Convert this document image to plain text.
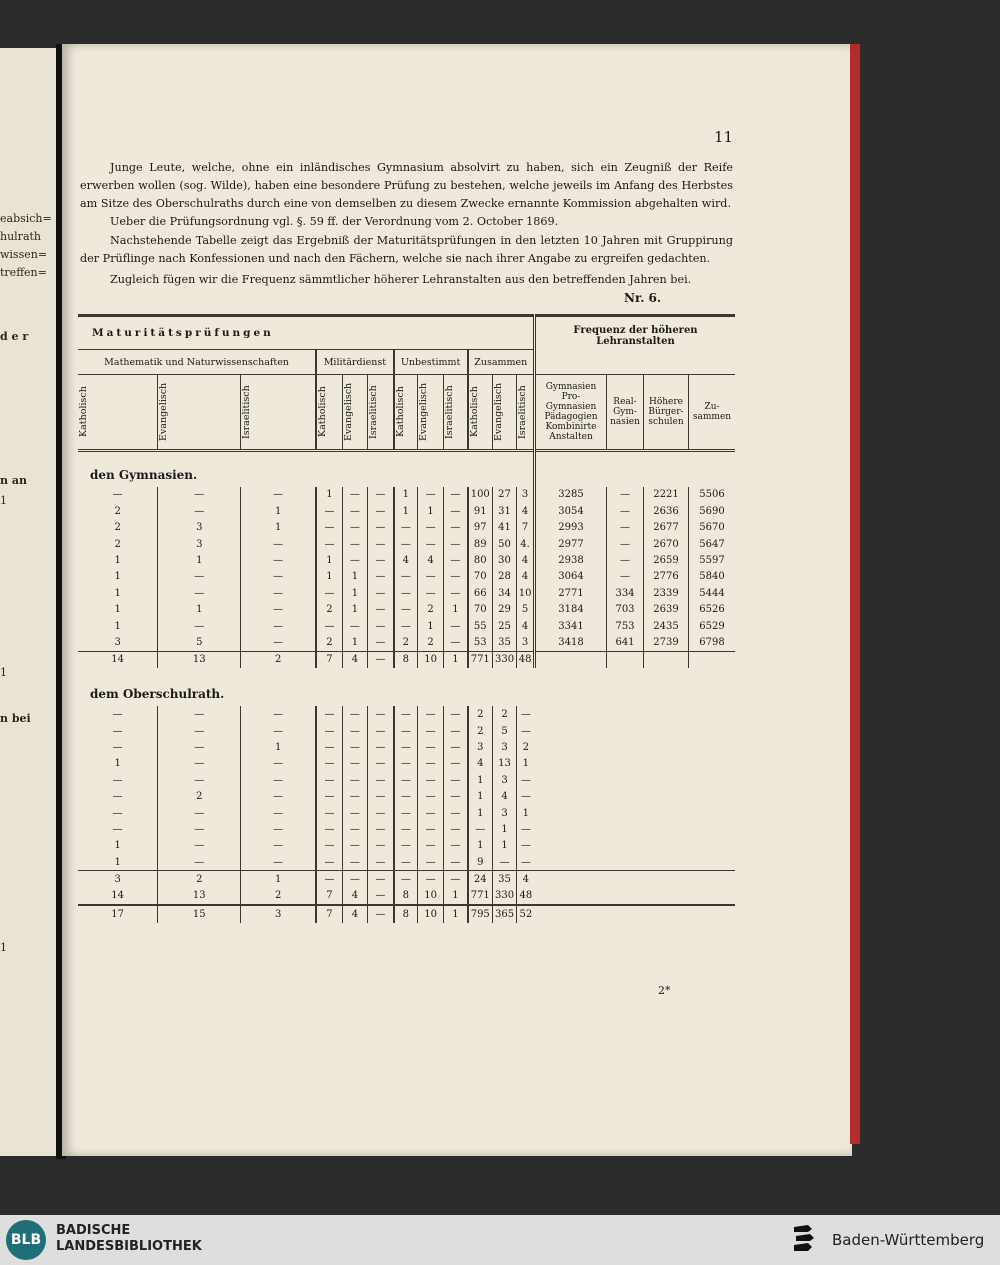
eabsich=
hulrath
wissen=
treffen=
d e r
n an
n bei
1
1
1
11
Junge Leute, welche, ohne ein inländisches Gymnasium absolvirt zu haben, sich ein Zeugniß der Reife erwerben wollen (sog. Wilde), haben eine besondere Prüfung zu bestehen, welche jeweils im Anfang des Herbstes am Sitze des Oberschulraths durch eine von demselben zu diesem Zwecke ernannte Kommission abgehalten wird.
Ueber die Prüfungsordnung vgl. §. 59 ff. der Verordnung vom 2. October 1869.
Nachstehende Tabelle zeigt das Ergebniß der Maturitätsprüfungen in den letzten 10 Jahren mit Gruppirung der Prüflinge nach Konfessionen und nach den Fächern, welche sie nach ihrer Angabe zu ergreifen gedachten.
Zugleich fügen wir die Frequenz sämmtlicher höherer Lehranstalten aus den betreffenden Jahren bei.
Nr. 6.
Maturitätsprüfungen												Frequenz der höheren Lehranstalten			
Mathematik und Naturwissenschaften			Militärdienst			Unbestimmt			Zusammen						

Katholisch	Evangelisch	Israelitisch	Katholisch	Evangelisch	Israelitisch	Katholisch	Evangelisch	Israelitisch	Katholisch	Evangelisch	Israelitisch	Gymnasien Pro- Gymnasien Pädagogien Kombinirte Anstalten	Real- Gym- nasien	Höhere Bürger- schulen	Zu- sammen
den Gymnasien.															
—	—	—	1	—	—	1	—	—	100	27	3	3285	—	2221	5506
2	—	1	—	—	—	1	1	—	91	31	4	3054	—	2636	5690
2	3	1	—	—	—	—	—	—	97	41	7	2993	—	2677	5670
2	3	—	—	—	—	—	—	—	89	50	4.	2977	—	2670	5647
1	1	—	1	—	—	4	4	—	80	30	4	2938	—	2659	5597
1	—	—	1	1	—	—	—	—	70	28	4	3064	—	2776	5840
1	—	—	—	1	—	—	—	—	66	34	10	2771	334	2339	5444
1	1	—	2	1	—	—	2	1	70	29	5	3184	703	2639	6526
1	—	—	—	—	—	—	1	—	55	25	4	3341	753	2435	6529
3	5	—	2	1	—	2	2	—	53	35	3	3418	641	2739	6798
14	13	2	7	4	—	8	10	1	771	330	48				
dem Oberschulrath.															
—	—	—	—	—	—	—	—	—	2	2	—				
—	—	—	—	—	—	—	—	—	2	5	—				
—	—	1	—	—	—	—	—	—	3	3	2				
1	—	—	—	—	—	—	—	—	4	13	1				
—	—	—	—	—	—	—	—	—	1	3	—				
—	2	—	—	—	—	—	—	—	1	4	—				
—	—	—	—	—	—	—	—	—	1	3	1				
—	—	—	—	—	—	—	—	—	—	1	—				
1	—	—	—	—	—	—	—	—	1	1	—				
1	—	—	—	—	—	—	—	—	9	—	—				
3	2	1	—	—	—	—	—	—	24	35	4				
14	13	2	7	4	—	8	10	1	771	330	48				
17	15	3	7	4	—	8	10	1	795	365	52				
2*
BLB
BADISCHE
LANDESBIBLIOTHEK	Baden-Württemberg
